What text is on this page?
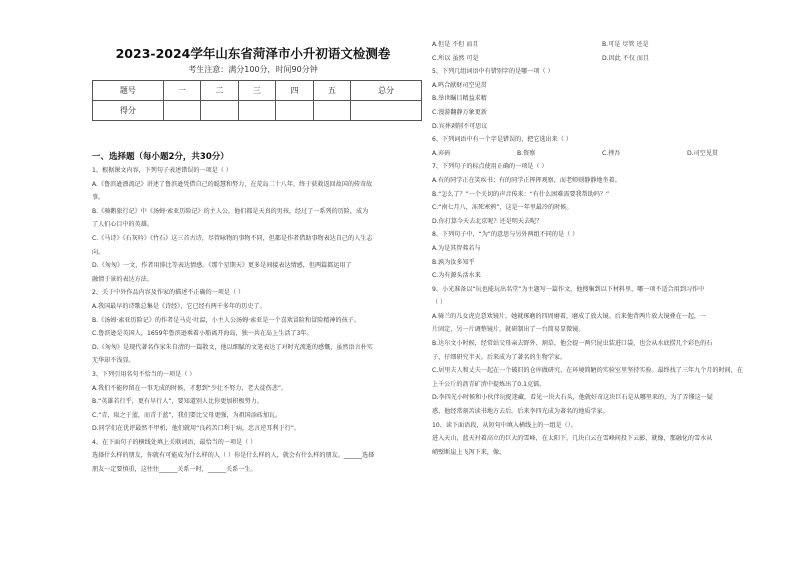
2023-2024学年山东省菏泽市小升初语文检测卷
考生注意：满分100分，时间90分钟
题号	一	二	三	四	五	总分
得分						
一、选择题（每小题2分，共30分）
1、根据课文内容，下列句子表述错误的一项是（ ）
A.《鲁滨逊漂流记》讲述了鲁滨逊凭借自己的聪慧和努力，在荒岛二十八年，终于获救返回故国的传奇故
事。
B.《骑鹅旅行记》中《汤姆·索亚历险记》的主人公，他们都是天真的男孩，经过了一系列的历险，成为
了人们心目中的英雄。
C.《马诗》《石灰吟》《竹石》这三首古诗，尽管咏物的事物不同，但都是作者借助事物表达自己的人生志
向。
D.《匆匆》一文，作者用排比等表达情感。《那个星期天》更多是间接表达情感，但两篇都运用了
融情于景的表达方法。
2、关于中外作品内容及作家的描述不正确的一项是（ ）
A.我国最早的诗歌总集是《诗经》，它已经有两千多年的历史了。
B.《汤姆·索亚历险记》的作者是马克·吐温，小主人公汤姆·索亚是一个喜欢冒险和冒险精神的孩子。
C.鲁滨逊是英国人，1659年鲁滨逊乘着小船离开海岛，独一共在岛上生活了3年。
D.《匆匆》是现代著名作家朱自清的一篇散文，他以细腻的文笔表达了对时光流逝的感慨，虽然语言朴实
无华却不浅显。
3、下列引用名句不恰当的一项是（ ）
A.我们不能停留在一事无成的时候，才想到“少壮不努力，老大徒伤悲”。
B.“英雄若行乎，更有早行人”，要知道别人比你更加积极努力。
C.“青，取之于蓝，而青于蓝”，我们要比父母更强，为祖国添砖加瓦。
D.同学们在优评最然不甲析，他们就用“良药苦口利于病，忠言逆耳利于行”。
4、在下面句子的横线处填上关联词语，最恰当的一项是（ ）
选择什么样的朋友，你就有可能成为什么样的人（ ）你是什么样的人，就会有什么样的朋友。______选择
朋友一定要慎重，这往往______关系一时，______关系一生。
A.但是 不但 而且	B.可是 尽管 还是
C.所以 虽然 可是	D.因此 不仅 而且
5、下列几组词语中有错别字的是哪一项（ ）
A.鸣合献财司空见贯
B.举世瞩目精益求精
C.漫游翻静万象更新
D.宾葬剥削不可思议
6、下列词语中有一个字是错误的，把它选出来（ ）
A.弃码	B.资察	C.挫吾	D.司空见贯
7、下列句子的标点使用正确的一项是（ ）
A.有的同学正在笑疾书；有的同学正挥挥观察，而老师则静静地坐着。
B.“怎么了？”一个关切的声音传来：“有什么困难需要我帮助吗？”
C.“南七月八，冻死寒鸦”，这是一年里最冷的时候。
D.你打算今天去北京呢？还是明天去呢？
8、下列句子中，“为”的意思与另外两组不同的是（ ）
A.为是其智弗若与
B.孰为汝多知乎
C.为有源头活水来
9、小光准备以“玩也能玩出名堂”为主题写一篇作文，他搜集到以下材料里，哪一项不适合用到习作中
（ ）
A.骑兰的儿女虎克意欢镜片，她就琢磨的四周磨着，磨成了放大镜。后来他背两片放大镜叠在一起，一
片固定，另一片调整镜片，就研制出了一台简易显微镜。
B.达尔文小时候，经常站父母亲去野外、割草，他会提一两只昆虫装进口袋，也会从水底捞几个彩色的石
子，仔细研究半天。后来成为了著名的生物学家。
C.居里夫人和丈夫一起在一个破旧的仓库做研究，在环境简陋的实验室里坚持实验。最终找了三年九个月的时间，在
上千公斤的沥青矿渣中提炼出了0.1克镭。
D.李四光小时候和小伙伴玩捉迷藏，看见一块大石头，他就好奇这块巨石是从哪里来的，为了弄懂这一疑
惑，他经常刻苦读书地方去后。后来李四光成为著名的地质学家。
10、读下面语段，从短句中填入横线上的一组是（）。
进入天山，蓝天衬着高立的巨大的雪峰，在太阳下，几块白云在雪峰间投下云影，就像，那融化的雪水从
峭壁断崖上飞泻下来，像。
